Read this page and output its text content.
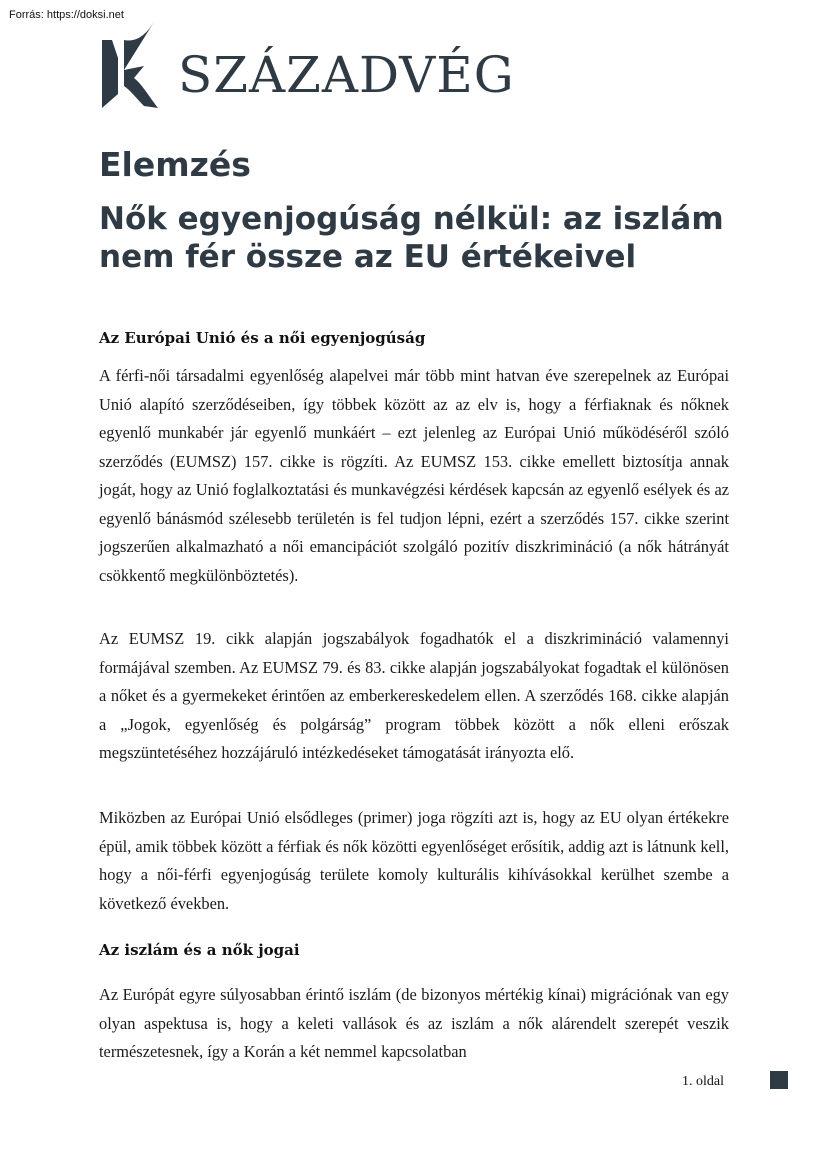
Forrás: https://doksi.net
SZÁZADVÉG
Elemzés
Nők egyenjogúság nélkül: az iszlám nem fér össze az EU értékeivel
Az Európai Unió és a női egyenjogúság
A férfi-női társadalmi egyenlőség alapelvei már több mint hatvan éve szerepelnek az Európai Unió alapító szerződéseiben, így többek között az az elv is, hogy a férfiaknak és nőknek egyenlő munkabér jár egyenlő munkáért – ezt jelenleg az Európai Unió működéséről szóló szerződés (EUMSZ) 157. cikke is rögzíti. Az EUMSZ 153. cikke emellett biztosítja annak jogát, hogy az Unió foglalkoztatási és munkavégzési kérdések kapcsán az egyenlő esélyek és az egyenlő bánásmód szélesebb területén is fel tudjon lépni, ezért a szerződés 157. cikke szerint jogszerűen alkalmazható a női emancipációt szolgáló pozitív diszkrimináció (a nők hátrányát csökkentő megkülönböztetés).
Az EUMSZ 19. cikk alapján jogszabályok fogadhatók el a diszkrimináció valamennyi formájával szemben. Az EUMSZ 79. és 83. cikke alapján jogszabályokat fogadtak el különösen a nőket és a gyermekeket érintően az emberkereskedelem ellen. A szerződés 168. cikke alapján a „Jogok, egyenlőség és polgárság” program többek között a nők elleni erőszak megszüntetéséhez hozzájáruló intézkedéseket támogatását irányozta elő.
Miközben az Európai Unió elsődleges (primer) joga rögzíti azt is, hogy az EU olyan értékekre épül, amik többek között a férfiak és nők közötti egyenlőséget erősítik, addig azt is látnunk kell, hogy a női-férfi egyenjogúság területe komoly kulturális kihívásokkal kerülhet szembe a következő években.
Az iszlám és a nők jogai
Az Európát egyre súlyosabban érintő iszlám (de bizonyos mértékig kínai) migrációnak van egy olyan aspektusa is, hogy a keleti vallások és az iszlám a nők alárendelt szerepét veszik természetesnek, így a Korán a két nemmel kapcsolatban
1. oldal
